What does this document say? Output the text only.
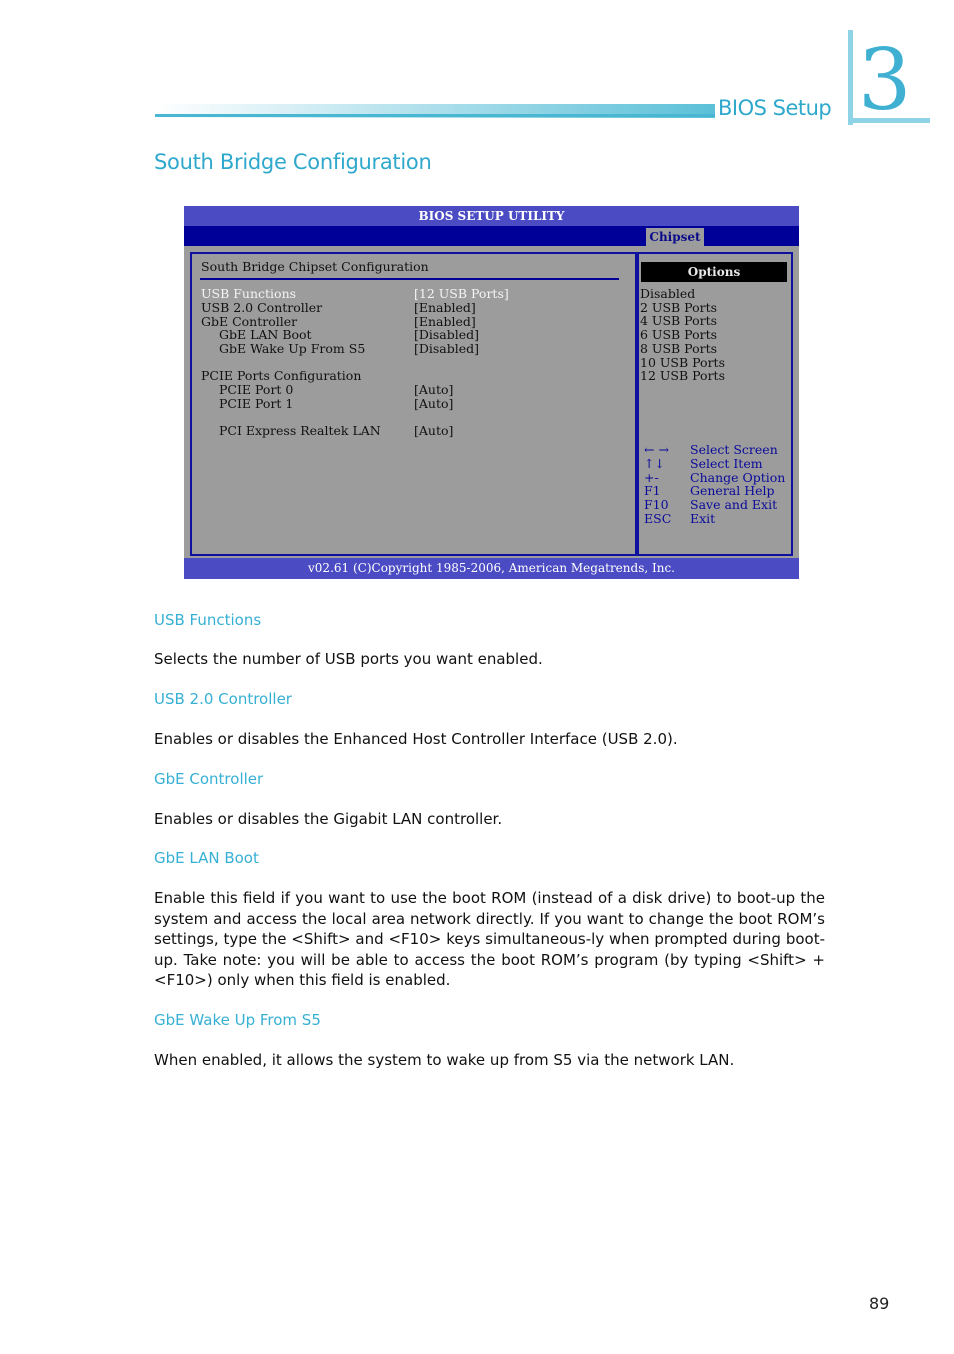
BIOS Setup 3
South Bridge Configuration
BIOS SETUP UTILITY
Chipset
South Bridge Chipset Configuration
USB Functions	[12 USB Ports]
USB 2.0 Controller	[Enabled]
GbE Controller	[Enabled]
GbE LAN Boot	[Disabled]
GbE Wake Up From S5	[Disabled]
PCIE Ports Configuration
PCIE Port 0	[Auto]
PCIE Port 1	[Auto]
PCI Express Realtek LAN	[Auto]
Options
Disabled
2 USB Ports
4 USB Ports
6 USB Ports
8 USB Ports
10 USB Ports
12 USB Ports
← → Select Screen
↑↓ Select Item
+-	Change Option
F1 General Help
F10 Save and Exit
ESC Exit
v02.61 (C)Copyright 1985-2006, American Megatrends, Inc.
USB Functions
Selects the number of USB ports you want enabled.
USB 2.0 Controller
Enables or disables the Enhanced Host Controller Interface (USB 2.0).
GbE Controller
Enables or disables the Gigabit LAN controller.
GbE LAN Boot
Enable this field if you want to use the boot ROM (instead of a disk drive) to boot-up the system and access the local area network directly. If you want to change the boot ROM’s settings, type the <Shift> and <F10> keys simultaneous-ly when prompted during boot-up. Take note: you will be able to access the boot ROM’s program (by typing <Shift> + <F10>) only when this field is enabled.
GbE Wake Up From S5
When enabled, it allows the system to wake up from S5 via the network LAN.
89
